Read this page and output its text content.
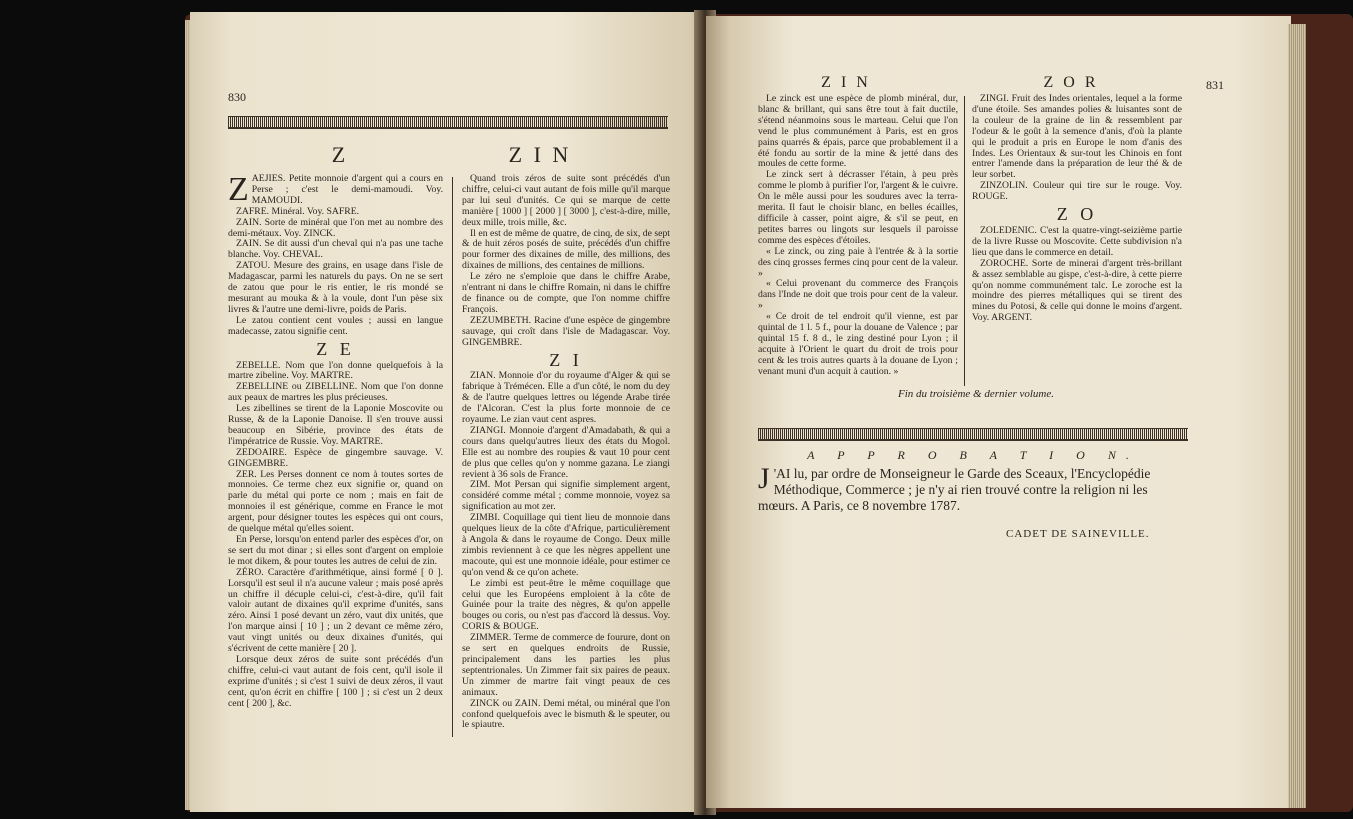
830
Z	Z I N

ZAEJIES. Petite monnoie d'argent qui a cours en Perse ; c'est le demi-mamoudi. Voy. MAMOUDI.

ZAFRE. Minéral. Voy. SAFRE.

ZAIN. Sorte de minéral que l'on met au nombre des demi-métaux. Voy. ZINCK.

ZAIN. Se dit aussi d'un cheval qui n'a pas une tache blanche. Voy. CHEVAL.

ZATOU. Mesure des grains, en usage dans l'isle de Madagascar, parmi les naturels du pays. On ne se sert de zatou que pour le ris entier, le ris mondé se mesurant au mouka & à la voule, dont l'un pèse six livres & l'autre une demi-livre, poids de Paris.

Le zatou contient cent voules ; aussi en langue madecasse, zatou signifie cent.

Z E

ZEBELLE. Nom que l'on donne quelquefois à la martre zibeline. Voy. MARTRE.

ZEBELLINE ou ZIBELLINE. Nom que l'on donne aux peaux de martres les plus précieuses.

Les zibellines se tirent de la Laponie Moscovite ou Russe, & de la Laponie Danoise. Il s'en trouve aussi beaucoup en Sibérie, province des états de l'impératrice de Russie. Voy. MARTRE.

ZEDOAIRE. Espèce de gingembre sauvage. V. GINGEMBRE.

ZER. Les Perses donnent ce nom à toutes sortes de monnoies. Ce terme chez eux signifie or, quand on parle du métal qui porte ce nom ; mais en fait de monnoies il est générique, comme en France le mot argent, pour désigner toutes les espèces qui ont cours, de quelque métal qu'elles soient.

En Perse, lorsqu'on entend parler des espèces d'or, on se sert du mot dinar ; si elles sont d'argent on emploie le mot dikem, & pour toutes les autres de celui de zin.

ZÉRO. Caractère d'arithmétique, ainsi formé [ 0 ]. Lorsqu'il est seul il n'a aucune valeur ; mais posé après un chiffre il décuple celui-ci, c'est-à-dire, qu'il fait valoir autant de dixaines qu'il exprime d'unités, sans zéro. Ainsi 1 posé devant un zéro, vaut dix unités, que l'on marque ainsi [ 10 ] ; un 2 devant ce même zéro, vaut vingt unités ou deux dixaines d'unités, qui s'écrivent de cette manière [ 20 ].

Lorsque deux zéros de suite sont précédés d'un chiffre, celui-ci vaut autant de fois cent, qu'il isole il exprime d'unités ; si c'est 1 suivi de deux zéros, il vaut cent, qu'on écrit en chiffre [ 100 ] ; si c'est un 2 deux cent [ 200 ], &c.

Quand trois zéros de suite sont précédés d'un chiffre, celui-ci vaut autant de fois mille qu'il marque par lui seul d'unités. Ce qui se marque de cette manière [ 1000 ] [ 2000 ] [ 3000 ], c'est-à-dire, mille, deux mille, trois mille, &c.

Il en est de même de quatre, de cinq, de six, de sept & de huit zéros posés de suite, précédés d'un chiffre pour former des dixaines de mille, des millions, des dixaines de millions, des centaines de millions.

Le zéro ne s'emploie que dans le chiffre Arabe, n'entrant ni dans le chiffre Romain, ni dans le chiffre de finance ou de compte, que l'on nomme chiffre François.

ZEZUMBETH. Racine d'une espèce de gingembre sauvage, qui croît dans l'isle de Madagascar. Voy. GINGEMBRE.

Z I

ZIAN. Monnoie d'or du royaume d'Alger & qui se fabrique à Trémécen. Elle a d'un côté, le nom du dey & de l'autre quelques lettres ou légende Arabe tirée de l'Alcoran. C'est la plus forte monnoie de ce royaume. Le zian vaut cent aspres.

ZIANGI. Monnoie d'argent d'Amadabath, & qui a cours dans quelqu'autres lieux des états du Mogol. Elle est au nombre des roupies & vaut 10 pour cent de plus que celles qu'on y nomme gazana. Le ziangi revient à 36 sols de France.

ZIM. Mot Persan qui signifie simplement argent, considéré comme métal ; comme monnoie, voyez sa signification au mot zer.

ZIMBI. Coquillage qui tient lieu de monnoie dans quelques lieux de la côte d'Afrique, particulièrement à Angola & dans le royaume de Congo. Deux mille zimbis reviennent à ce que les nègres appellent une macoute, qui est une monnoie idéale, pour estimer ce qu'on vend & ce qu'on achete.

Le zimbi est peut-être le même coquillage que celui que les Européens emploient à la côte de Guinée pour la traite des nègres, & qu'on appelle bouges ou coris, ou n'est pas d'accord là dessus. Voy. CORIS & BOUGE.

ZIMMER. Terme de commerce de fourure, dont on se sert en quelques endroits de Russie, principalement dans les parties les plus septentrionales. Un Zimmer fait six paires de peaux. Un zimmer de martre fait vingt peaux de ces animaux.

ZINCK ou ZAIN. Demi métal, ou minéral que l'on confond quelquefois avec le bismuth & le speuter, ou le spiautre.

Z I N	Z O R	831

Le zinck est une espèce de plomb minéral, dur, blanc & brillant, qui sans être tout à fait ductile, s'étend néanmoins sous le marteau. Celui que l'on vend le plus communément à Paris, est en gros pains quarrés & épais, parce que probablement il a été fondu au sortir de la mine & jetté dans des moules de cette forme.

Le zinck sert à décrasser l'étain, à peu près comme le plomb à purifier l'or, l'argent & le cuivre. On le mêle aussi pour les soudures avec la terra-merita. Il faut le choisir blanc, en belles écailles, difficile à casser, point aigre, & s'il se peut, en petites barres ou lingots sur lesquels il paroisse comme des espèces d'étoiles.

« Le zinck, ou zing paie à l'entrée & à la sortie des cinq grosses fermes cinq pour cent de la valeur. »

« Celui provenant du commerce des François dans l'Inde ne doit que trois pour cent de la valeur. »

« Ce droit de tel endroit qu'il vienne, est par quintal de 1 l. 5 f., pour la douane de Valence ; par quintal 15 f. 8 d., le zing destiné pour Lyon ; il acquite à l'Orient le quart du droit de trois pour cent & les trois autres quarts à la douane de Lyon ; venant muni d'un acquit à caution. »

ZINGI. Fruit des Indes orientales, lequel a la forme d'une étoile. Ses amandes polies & luisantes sont de la couleur de la graine de lin & ressemblent par l'odeur & le goût à la semence d'anis, d'où la plante qui le produit a pris en Europe le nom d'anis des Indes. Les Orientaux & sur-tout les Chinois en font entrer l'amende dans la préparation de leur thé & de leur sorbet.

ZINZOLIN. Couleur qui tire sur le rouge. Voy. ROUGE.

Z O

ZOLEDENIC. C'est la quatre-vingt-seizième partie de la livre Russe ou Moscovite. Cette subdivision n'a lieu que dans le commerce en detail.

ZOROCHE. Sorte de minerai d'argent très-brillant & assez semblable au gispe, c'est-à-dire, à cette pierre qu'on nomme communément talc. Le zoroche est la moindre des pierres métalliques qui se tirent des mines du Potosi, & celle qui donne le moins d'argent. Voy. ARGENT.

Fin du troisième & dernier volume.
A P P R O B A T I O N.
J 'AI lu, par ordre de Monseigneur le Garde des Sceaux, l'Encyclopédie Méthodique, Commerce ; je n'y ai rien trouvé contre la religion ni les mœurs. A Paris, ce 8 novembre 1787.
CADET DE SAINEVILLE.
